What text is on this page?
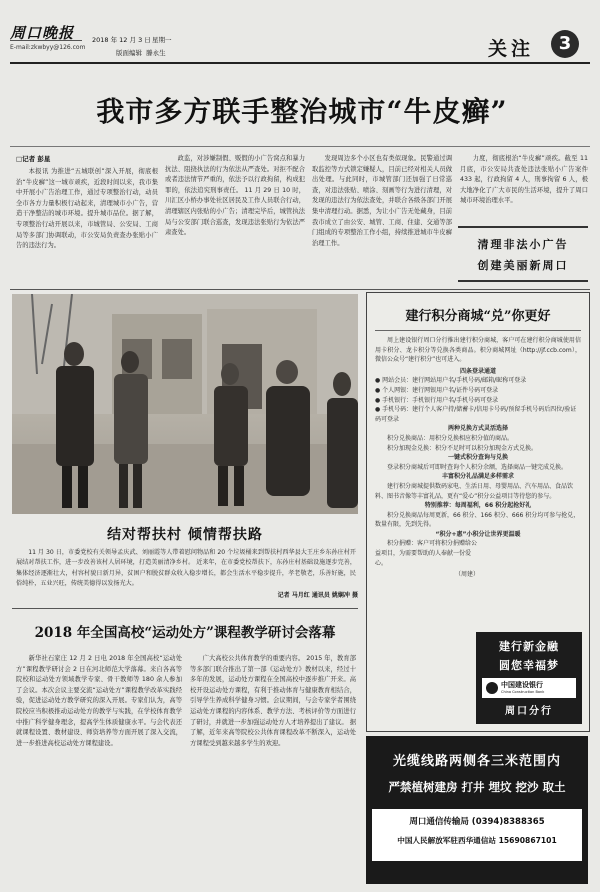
周口晚报
E-mail:zkwbyy@126.com
2018 年 12 月 3 日 星期一
版面编辑 滕永生	关注	3
我市多方联手整治城市“牛皮癣”
□记者 彭星

本报讯 为推进“五城联创”深入开展，彻底根治“牛皮癣”这一城市顽疾，近段时间以来，我市集中开展小广告治理工作，通过专项整治行动，动员全市各方力量积极行动起来，清理城市小广告，营造干净整洁的城市环境。提升城市品位。据了解，专项整治行动开展以来，市城管局、公安局、工商局等多部门协调联动，市公安局负责查办张贴小广告的违法行为。

政监，对涉嫌制假、贩假的小广告窝点和暴力抗法、阻挠执法的行为依法从严查处。对拒不配合或者违法情节严重的，依法予以行政拘留，构成犯罪的，依法追究刑事责任。 11 月 29 日 10 时，川汇区小桥办事处社区居民及工作人员联合行动，清理辖区内张贴的小广告；清理完毕后，城管执法局与公安部门联合巡查，发现违法张贴行为依法严肃查处。

发现周边多个小区也有类似现象。民警通过调取监控等方式锁定嫌疑人，目前已经对相关人员做出处理。与此同时，市城管部门还加强了日常巡查，对违法张贴、喷涂、刻画等行为进行清理，对发现的违法行为依法查处，并联合各级各部门开展集中清理行动。据悉，为让小广告无处藏身，目前我市成立了由公安、城管、工商、住建、交通等部门组成的专项整治工作小组，持续推进城市牛皮癣治理工作。

力度，彻底根治“牛皮癣”顽疾。截至 11 月底，市公安局共查处违法张贴小广告案件 433 起，行政拘留 4 人，刑事拘留 6 人，极大地净化了广大市民的生活环境，提升了周口城市环境治理水平。

清理非法小广告
创建美丽新周口
结对帮扶村 倾情帮扶路

11 月 30 日，市委党校有关领导孟庆武、刘丽霞等人带着慰问物品和 20 个垃圾桶来到帮扶村西华县大王庄乡东孙庄村开展结对帮扶工作，进一步改善该村人居环境，打造美丽清净乡村。 近来年，在市委党校帮扶下，东孙庄村基础设施逐步完善，集体经济逐渐壮大，村容村貌日新月异，贫困户和脱贫群众收入稳步增长，都会生活水平稳步提升，孝老敬老，乐善好施，民俗纯朴，五业兴旺，传统美德得以发扬光大。

记者 马月红 通讯员 姚娴冲 摄
2018 年全国高校“运动处方”课程教学研讨会落幕

新华社石家庄 12 月 2 日电 2018 年全国高校“运动处方”课程教学研讨会 2 日在河北师范大学落幕。来自各高等院校和运动处方领域教学专家、骨干教师等 180 余人参加了会议。本次会议主要交流“运动处方”课程教学改革实践经验，促进运动处方教学研究的深入开展。专家们认为，高等院校应当积极推动运动处方的教学与实践，在学校体育教学中推广科学健身理念，提高学生体质健康水平。与会代表还就课程设置、教材建设、师资培养等方面开展了深入交流，进一步推进高校运动处方课程建设。

广大高校公共体育教学的重要内容。 2015 年，教育部等多部门联合推出了第一部《运动处方》教材以来，经过十多年的发展，运动处方课程在全国高校中逐步推广开来。高校开设运动处方课程，有利于推动体育与健康教育相结合，引导学生养成科学健身习惯。会议期间，与会专家学者围绕运动处方课程的内容体系、教学方法、考核评价等方面进行了研讨，并就进一步加强运动处方人才培养提出了建议。 据了解，近年来高等院校公共体育课程改革不断深入，运动处方课程受到越来越多学生的欢迎。

建行积分商城“兑”你更好

周上建设银行周口分行推出建行积分商城，客户可在建行积分商城使用信用卡积分、龙卡积分等兑换各类商品。积分商城网址（http://jf.ccb.com），微信公众号“建行积分”也可进入。

四条登录通道
● 网站会员：建行网站用户名/手机号码/邮箱/昵称可登录
● 个人网银：建行网银用户名/证件号码可登录
● 手机银行：手机银行用户名/手机号码可登录
● 手机号码：建行个人客户持/储蓄卡/信用卡号码/预留手机号码后四位/验证码可登录
两种兑换方式灵活选择
积分兑换商品：用积分兑换相应积分值的商品。
积分加现金兑换：积分不足时可以积分加现金方式兑换。
一键式积分查询与兑换
登录积分商城后可即时查询个人积分余额，选择商品一键完成兑换。
丰富积分礼品满足多样需求
建行积分商城提供数码家电、生活日用、母婴用品、汽车用品、食品饮料、图书音像等丰富礼品，更有“爱心”积分公益项目等待您的参与。
特别推荐：每周福利，66 积分起抢好礼
积分兑换商品每周更新，66 积分、166 积分、666 积分均可参与抢兑，数量有限，先到先得。
“积分+惠”小积分让世界更温暖
积分捐赠：客户可将积分捐赠给公益项目，为需要帮助的人奉献一份爱心。
（周建）
建行新金融
圆您幸福梦
中国建设银行
China Construction Bank
周口分行
光缆线路两侧各三米范围内
严禁植树建房 打井 埋坟 挖沙 取土
周口通信传输局 (0394)8388365
中国人民解放军驻西华通信站 15690867101
